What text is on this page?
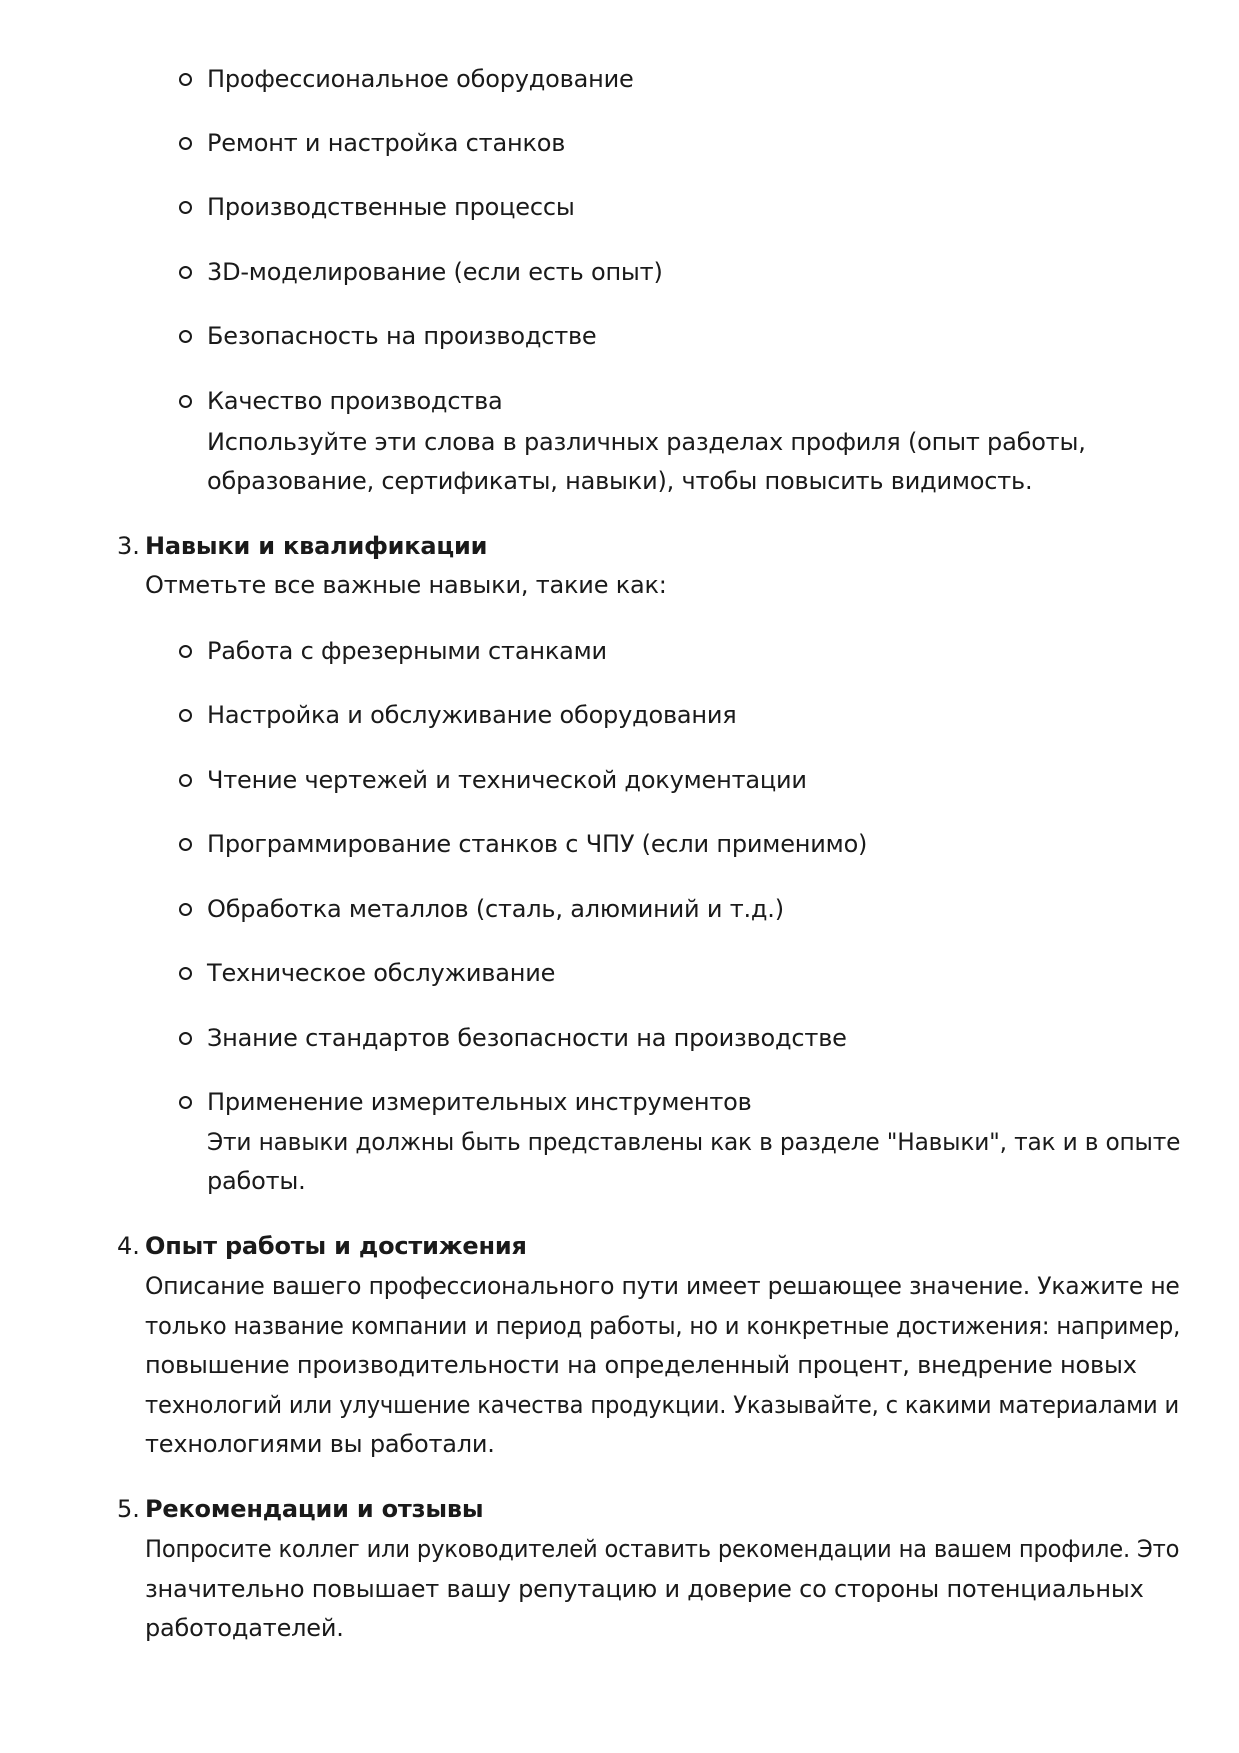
Профессиональное оборудование
Ремонт и настройка станков
Производственные процессы
3D-моделирование (если есть опыт)
Безопасность на производстве
Качество производства
Используйте эти слова в различных разделах профиля (опыт работы,
образование, сертификаты, навыки), чтобы повысить видимость.
3. Навыки и квалификации
Отметьте все важные навыки, такие как:
Работа с фрезерными станками
Настройка и обслуживание оборудования
Чтение чертежей и технической документации
Программирование станков с ЧПУ (если применимо)
Обработка металлов (сталь, алюминий и т.д.)
Техническое обслуживание
Знание стандартов безопасности на производстве
Применение измерительных инструментов
Эти навыки должны быть представлены как в разделе "Навыки", так и в опыте
работы.
4. Опыт работы и достижения
Описание вашего профессионального пути имеет решающее значение. Укажите не
только название компании и период работы, но и конкретные достижения: например,
повышение производительности на определенный процент, внедрение новых
технологий или улучшение качества продукции. Указывайте, с какими материалами и
технологиями вы работали.
5. Рекомендации и отзывы
Попросите коллег или руководителей оставить рекомендации на вашем профиле. Это
значительно повышает вашу репутацию и доверие со стороны потенциальных
работодателей.
